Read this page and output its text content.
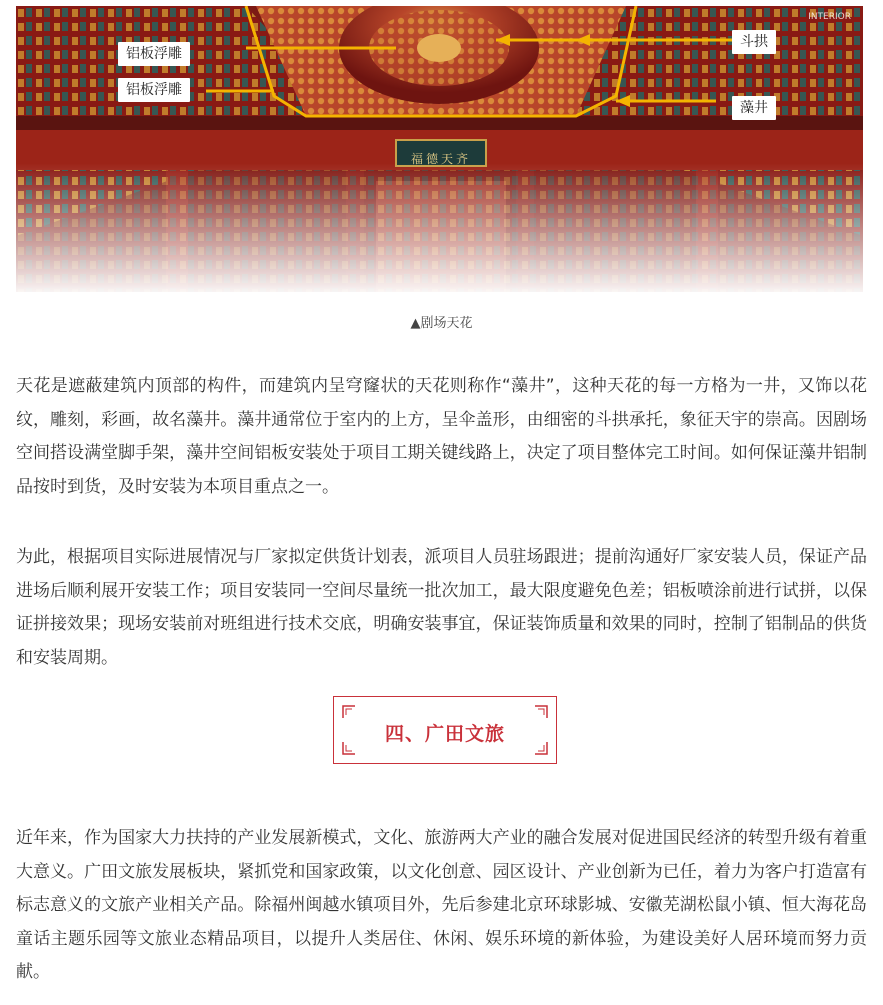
铝板浮雕
铝板浮雕
斗拱
藻井
INTERIOR
福德天齐
▲剧场天花

天花是遮蔽建筑内顶部的构件，而建筑内呈穹窿状的天花则称作“藻井”，这种天花的每一方格为一井，又饰以花纹，雕刻，彩画，故名藻井。藻井通常位于室内的上方，呈伞盖形，由细密的斗拱承托，象征天宇的崇高。因剧场空间搭设满堂脚手架，藻井空间铝板安装处于项目工期关键线路上，决定了项目整体完工时间。如何保证藻井铝制品按时到货，及时安装为本项目重点之一。

为此，根据项目实际进展情况与厂家拟定供货计划表，派项目人员驻场跟进；提前沟通好厂家安装人员，保证产品进场后顺利展开安装工作；项目安装同一空间尽量统一批次加工，最大限度避免色差；铝板喷涂前进行试拼，以保证拼接效果；现场安装前对班组进行技术交底，明确安装事宜，保证装饰质量和效果的同时，控制了铝制品的供货和安装周期。

四、广田文旅

近年来，作为国家大力扶持的产业发展新模式，文化、旅游两大产业的融合发展对促进国民经济的转型升级有着重大意义。广田文旅发展板块，紧抓党和国家政策，以文化创意、园区设计、产业创新为已任，着力为客户打造富有标志意义的文旅产业相关产品。除福州闽越水镇项目外，先后参建北京环球影城、安徽芜湖松鼠小镇、恒大海花岛童话主题乐园等文旅业态精品项目，以提升人类居住、休闲、娱乐环境的新体验，为建设美好人居环境而努力贡献。
